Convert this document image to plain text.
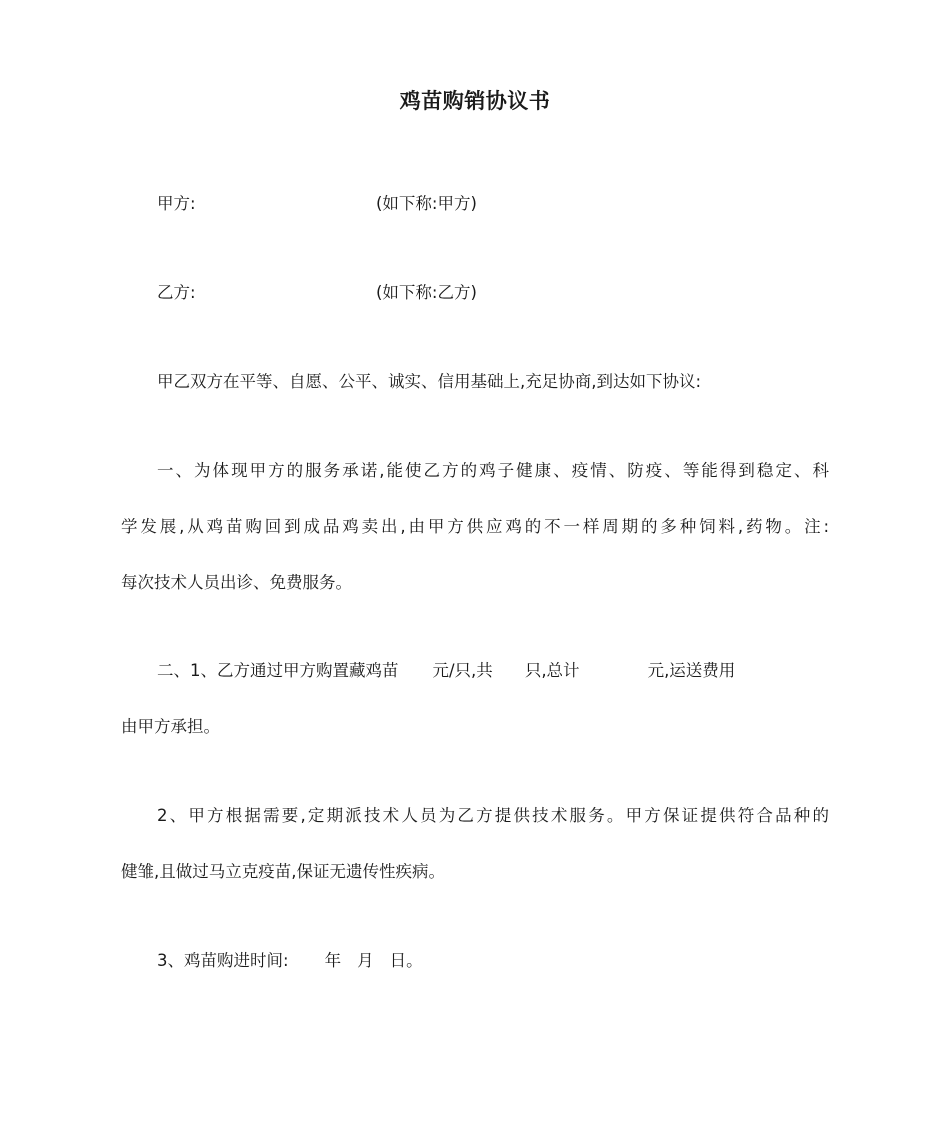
鸡苗购销协议书
甲方:	(如下称:甲方)
乙方:	(如下称:乙方)
甲乙双方在平等、自愿、公平、诚实、信用基础上,充足协商,到达如下协议:
一、为体现甲方的服务承诺,能使乙方的鸡子健康、疫情、防疫、等能得到稳定、科
学发展,从鸡苗购回到成品鸡卖出,由甲方供应鸡的不一样周期的多种饲料,药物。注:
每次技术人员出诊、免费服务。
二、1、乙方通过甲方购置藏鸡苗 元/只,共 只,总计	元,运送费用
由甲方承担。
2、甲方根据需要,定期派技术人员为乙方提供技术服务。甲方保证提供符合品种的
健雏,且做过马立克疫苗,保证无遗传性疾病。
3、鸡苗购进时间: 年 月 日。
